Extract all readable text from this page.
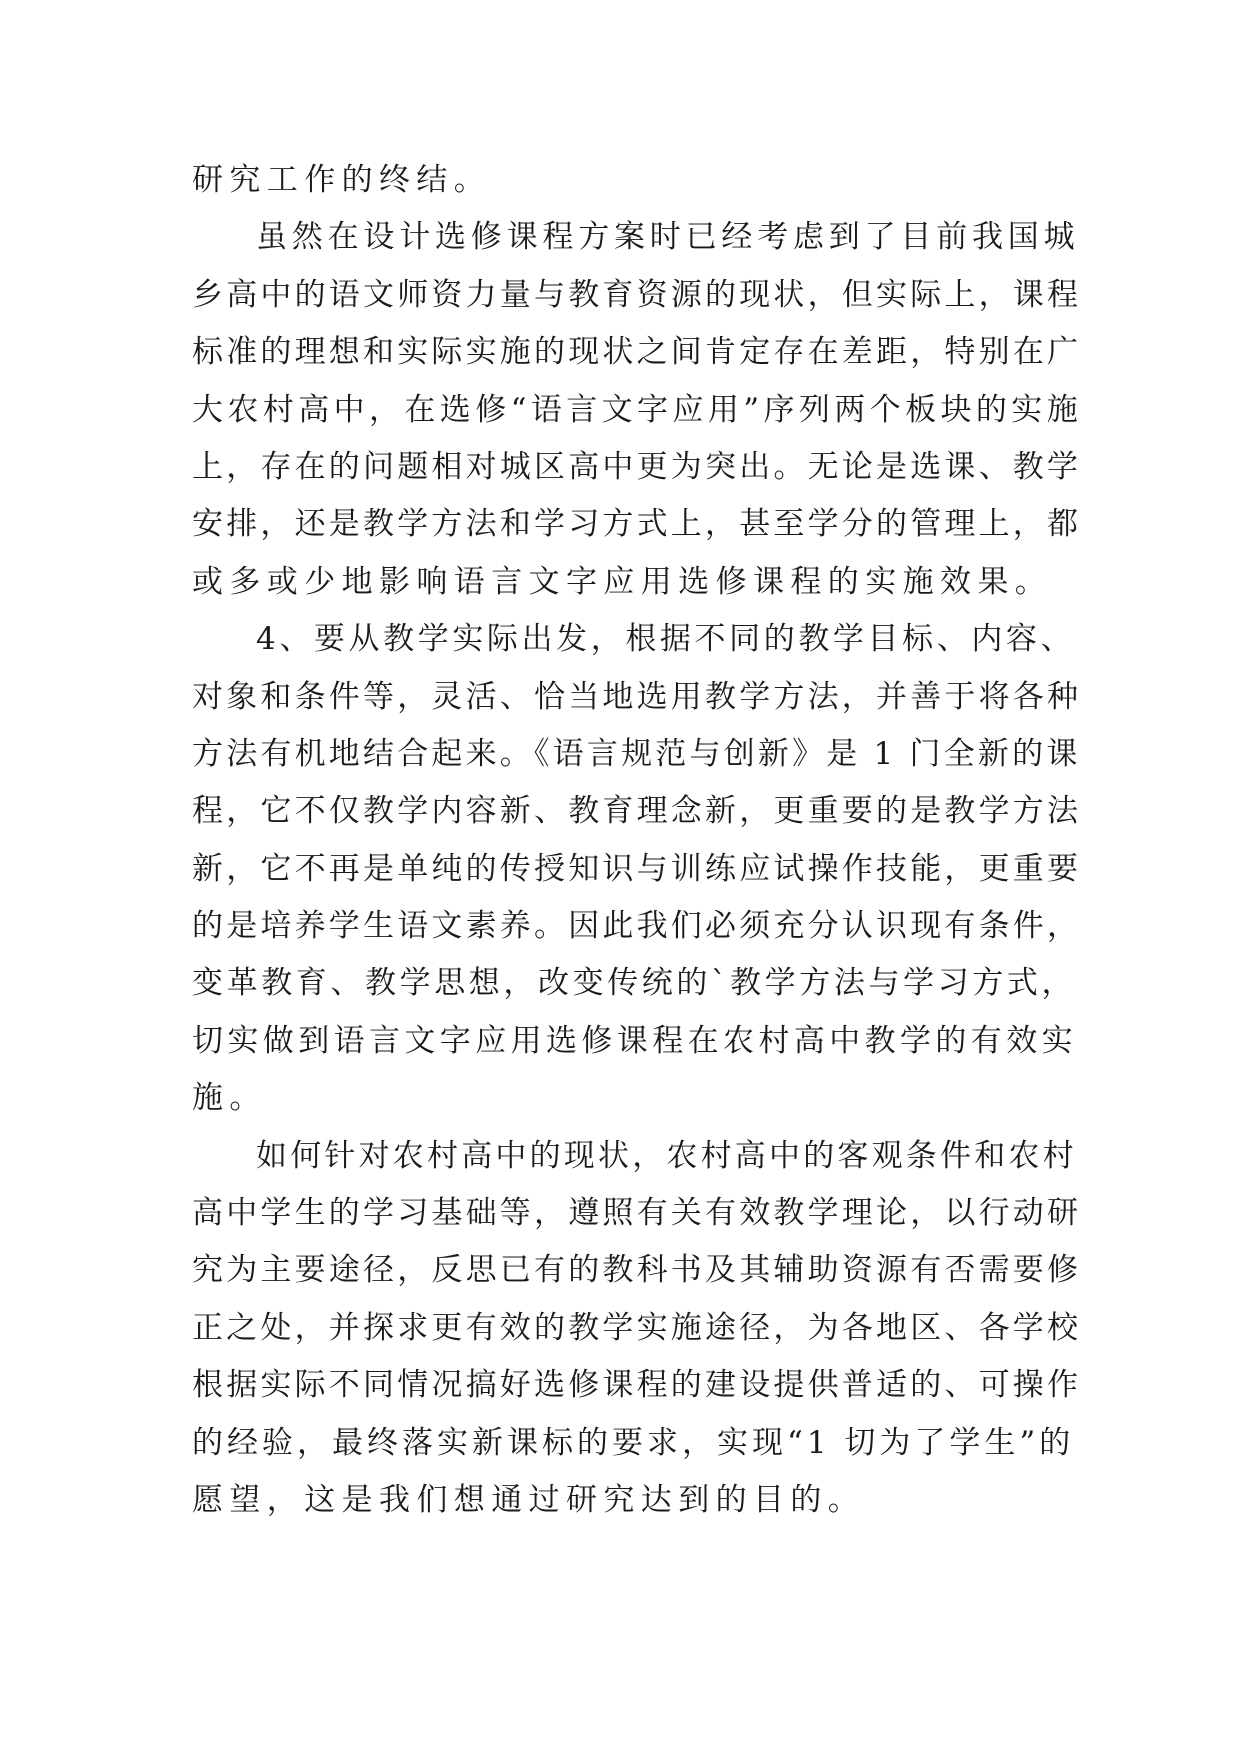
研究工作的终结。
虽然在设计选修课程方案时已经考虑到了目前我国城
乡高中的语文师资力量与教育资源的现状，但实际上，课程
标准的理想和实际实施的现状之间肯定存在差距，特别在广
大农村高中，在选修“语言文字应用”序列两个板块的实施
上，存在的问题相对城区高中更为突出。无论是选课、教学
安排，还是教学方法和学习方式上，甚至学分的管理上，都
或多或少地影响语言文字应用选修课程的实施效果。
4、要从教学实际出发，根据不同的教学目标、内容、
对象和条件等，灵活、恰当地选用教学方法，并善于将各种
方法有机地结合起来。《语言规范与创新》是 1 门全新的课
程，它不仅教学内容新、教育理念新，更重要的是教学方法
新，它不再是单纯的传授知识与训练应试操作技能，更重要
的是培养学生语文素养。因此我们必须充分认识现有条件，
变革教育、教学思想，改变传统的`教学方法与学习方式，
切实做到语言文字应用选修课程在农村高中教学的有效实
施。
如何针对农村高中的现状，农村高中的客观条件和农村
高中学生的学习基础等，遵照有关有效教学理论，以行动研
究为主要途径，反思已有的教科书及其辅助资源有否需要修
正之处，并探求更有效的教学实施途径，为各地区、各学校
根据实际不同情况搞好选修课程的建设提供普适的、可操作
的经验，最终落实新课标的要求，实现“1 切为了学生”的
愿望，这是我们想通过研究达到的目的。
